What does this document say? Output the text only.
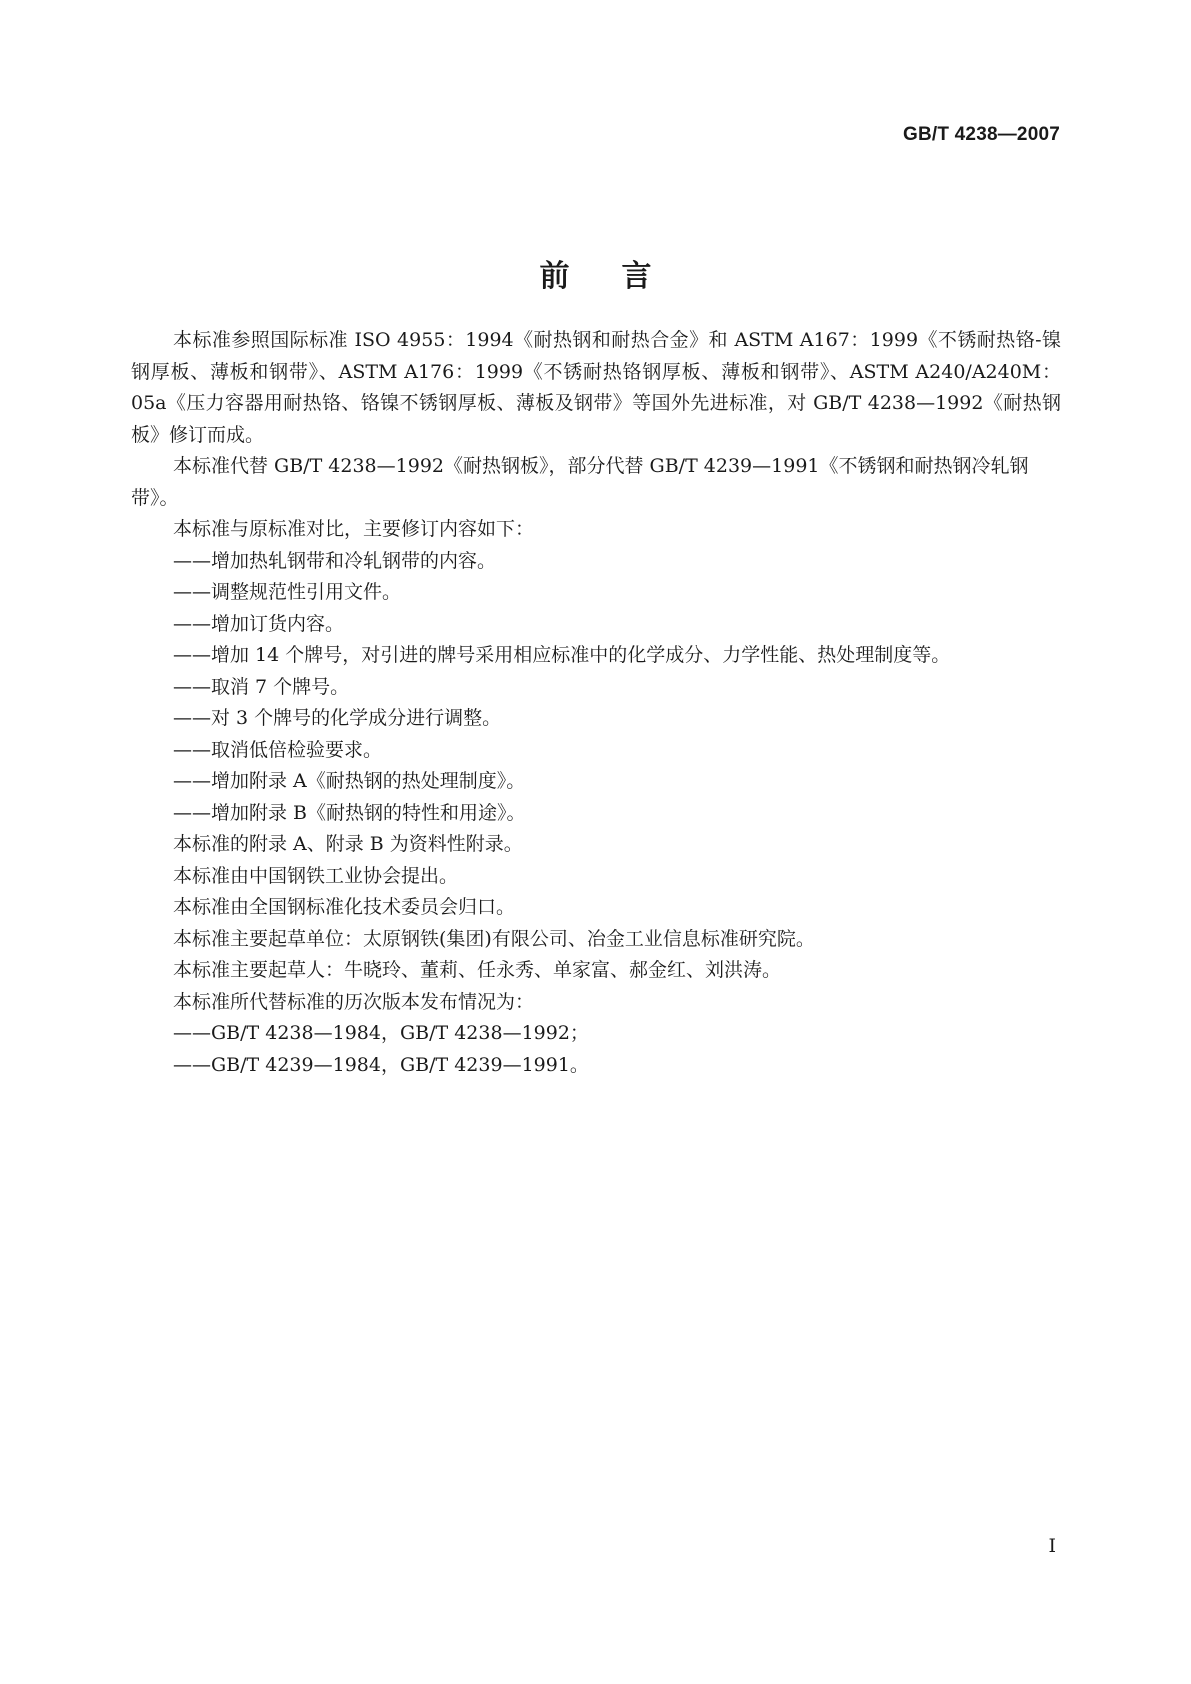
GB/T 4238—2007
前言

本标准参照国际标准 ISO 4955：1994《耐热钢和耐热合金》和 ASTM A167：1999《不锈耐热铬-镍钢厚板、薄板和钢带》、ASTM A176：1999《不锈耐热铬钢厚板、薄板和钢带》、ASTM A240/A240M：05a《压力容器用耐热铬、铬镍不锈钢厚板、薄板及钢带》等国外先进标准，对 GB/T 4238—1992《耐热钢板》修订而成。

本标准代替 GB/T 4238—1992《耐热钢板》，部分代替 GB/T 4239—1991《不锈钢和耐热钢冷轧钢带》。

本标准与原标准对比，主要修订内容如下：

——增加热轧钢带和冷轧钢带的内容。

——调整规范性引用文件。

——增加订货内容。

——增加 14 个牌号，对引进的牌号采用相应标准中的化学成分、力学性能、热处理制度等。

——取消 7 个牌号。

——对 3 个牌号的化学成分进行调整。

——取消低倍检验要求。

——增加附录 A《耐热钢的热处理制度》。

——增加附录 B《耐热钢的特性和用途》。

本标准的附录 A、附录 B 为资料性附录。

本标准由中国钢铁工业协会提出。

本标准由全国钢标准化技术委员会归口。

本标准主要起草单位：太原钢铁(集团)有限公司、冶金工业信息标准研究院。

本标准主要起草人：牛晓玲、董莉、任永秀、单家富、郝金红、刘洪涛。

本标准所代替标准的历次版本发布情况为：

——GB/T 4238—1984，GB/T 4238—1992；

——GB/T 4239—1984，GB/T 4239—1991。

I
